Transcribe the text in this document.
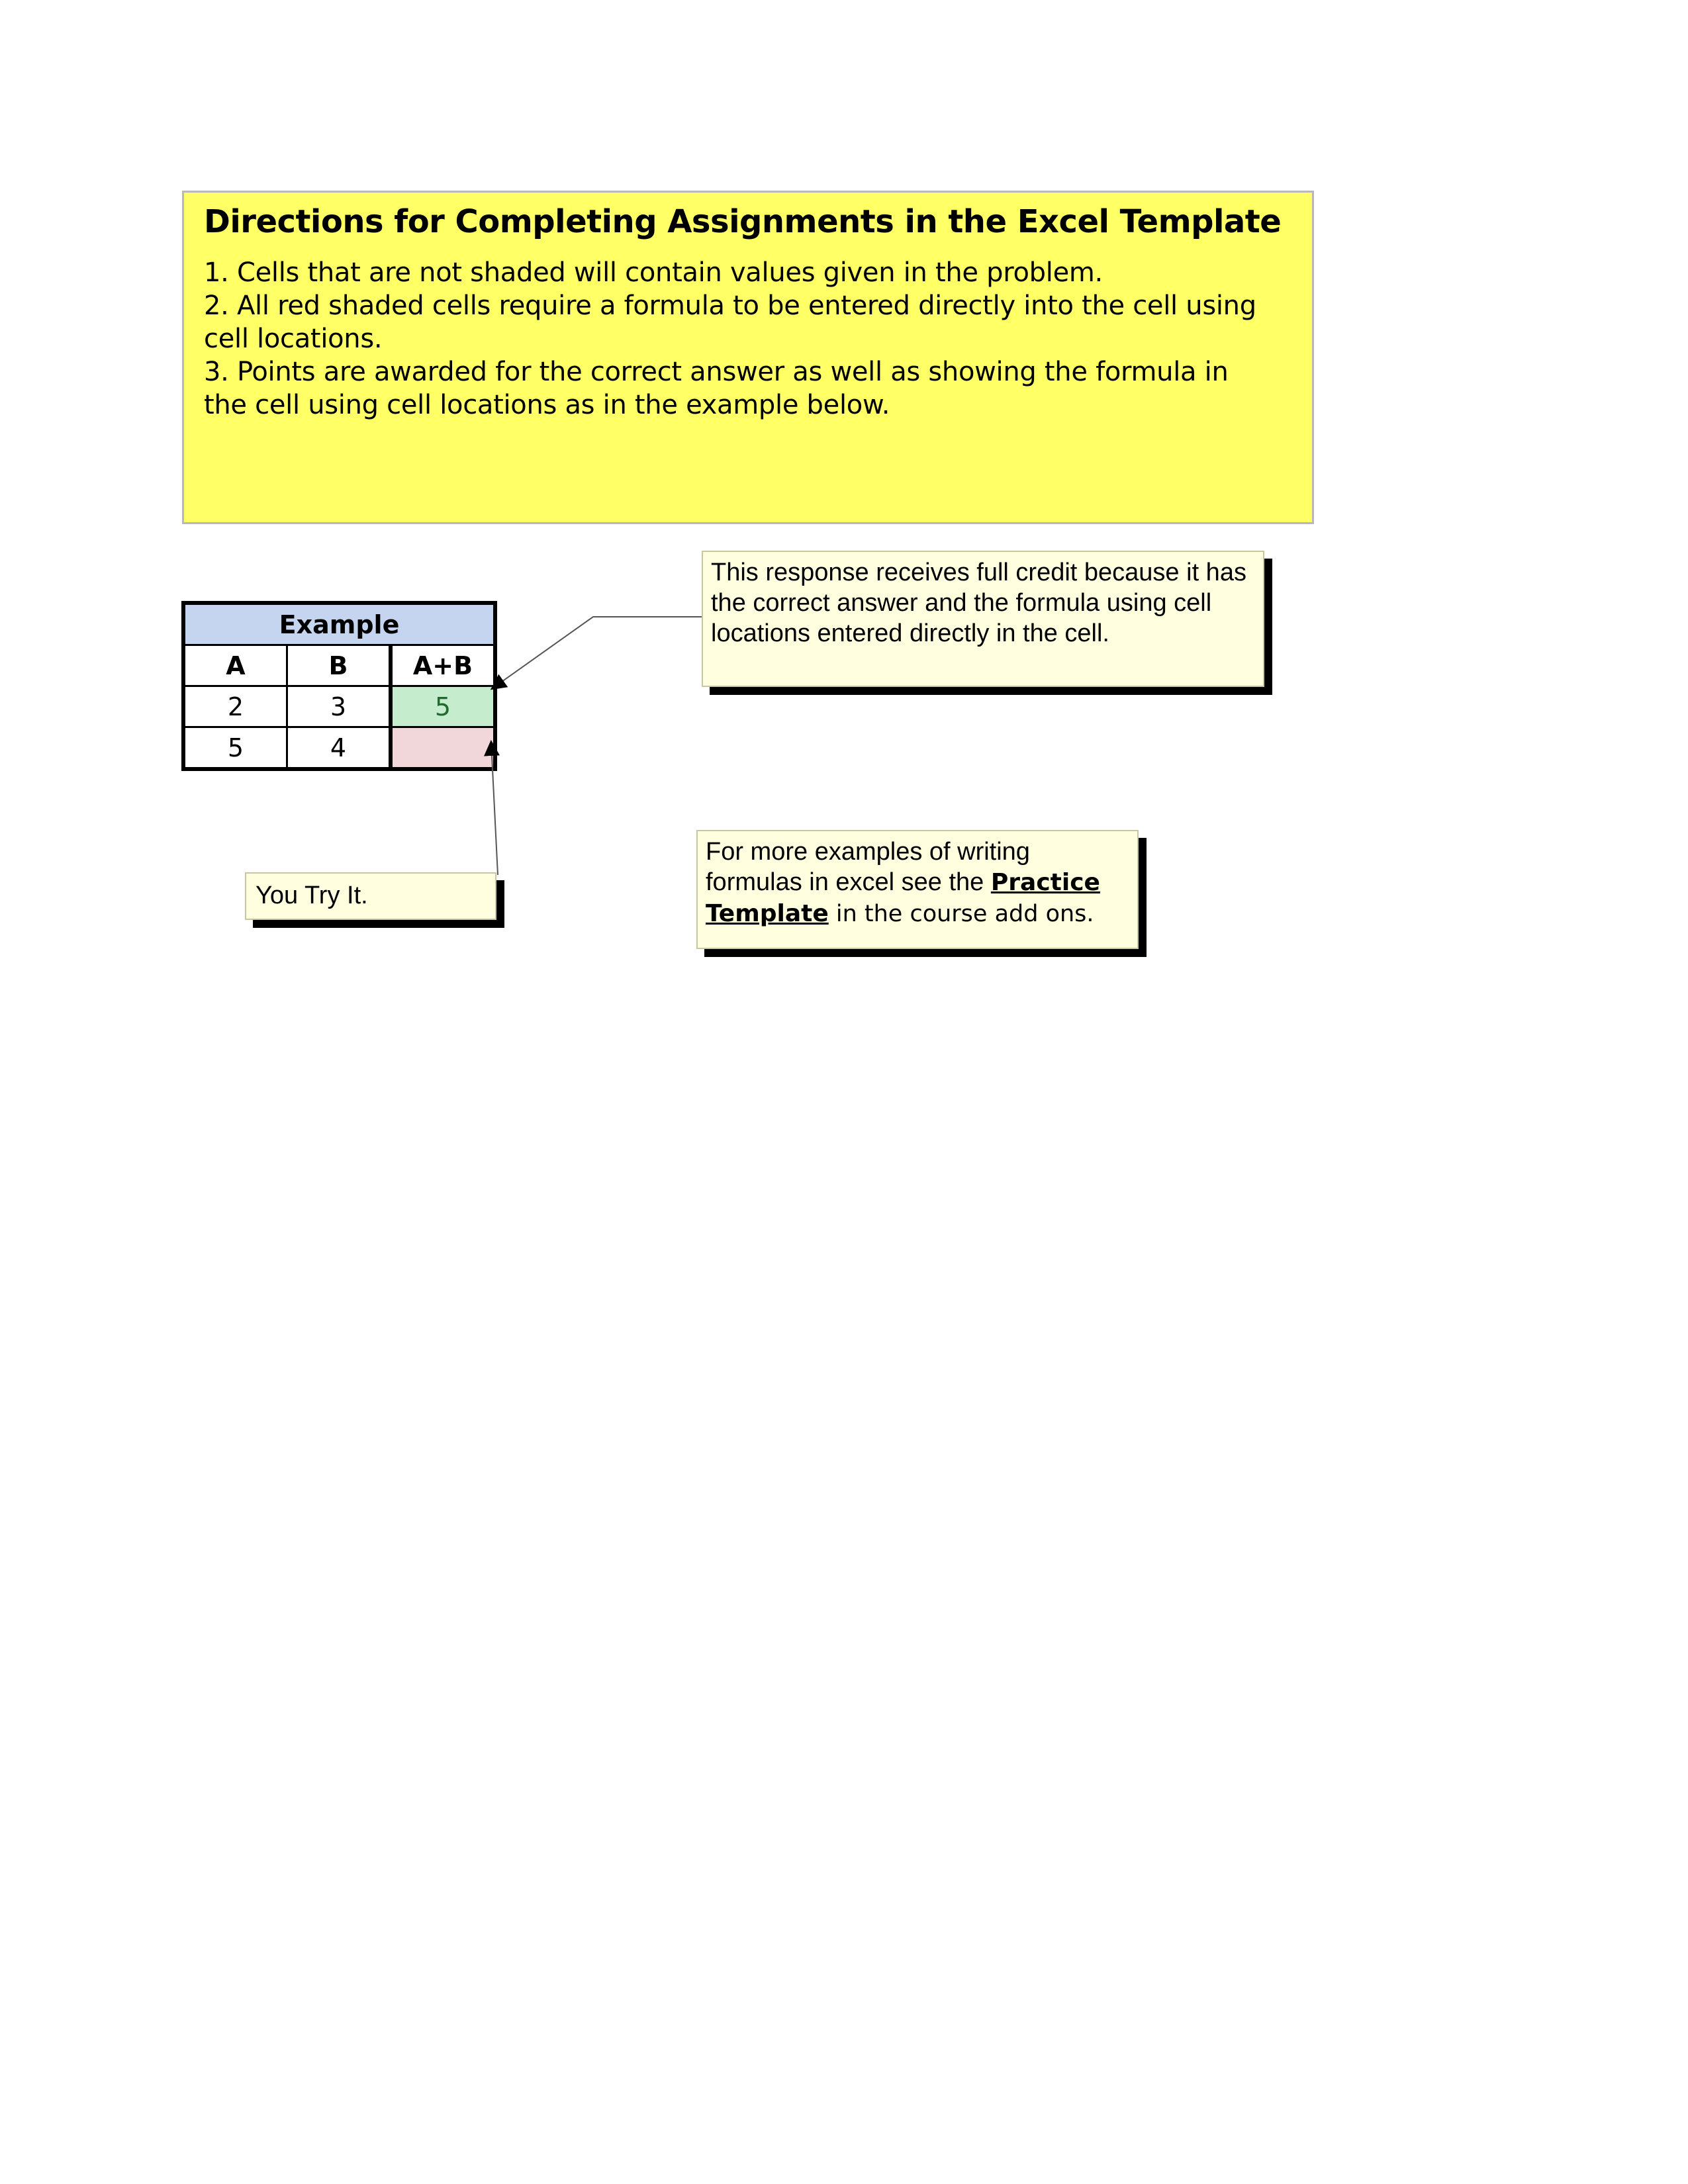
Directions for Completing Assignments in the Excel Template

1. Cells that are not shaded will contain values given in the problem.

2. All red shaded cells require a formula to be entered directly into the cell using

cell locations.

3. Points are awarded for the correct answer as well as showing the formula in

the cell using cell locations as in the example below.

Example		
A	B	A+B
2	3	5
5	4	
This response receives full credit because it has the correct answer and the formula using cell locations entered directly in the cell.
You Try It.
For more examples of writing formulas in excel see the Practice Template in the course add ons.
